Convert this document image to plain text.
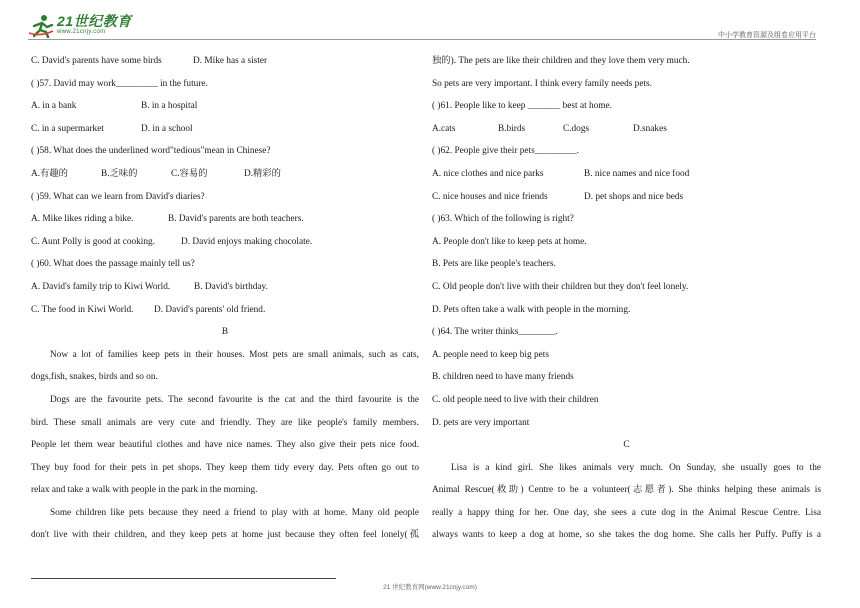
21世纪教育
www.21cnjy.com	中小学教育资源及组卷应用平台
C. David's parents have some birds	D. Mike has a sister
( )57. David may work_________ in the future.
A. in a bank	B. in a hospital
C. in a supermarket	D. in a school
( )58. What does the underlined word"tedious"mean in Chinese?
A.有趣的	B.乏味的	C.容易的	D.精彩的
( )59. What can we learn from David's diaries?
A. Mike likes riding a bike.	B. David's parents are both teachers.
C. Aunt Polly is good at cooking.	D. David enjoys making chocolate.
( )60. What does the passage mainly tell us?
A. David's family trip to Kiwi World.	B. David's birthday.
C. The food in Kiwi World. D. David's parents' old friend.
B
Now a lot of families keep pets in their houses. Most pets are small animals, such as cats,
dogs,fish, snakes, birds and so on.
Dogs are the favourite pets. The second favourite is the cat and the third favourite is the
bird. These small animals are very cute and friendly. They are like people's family members.
People let them wear beautiful clothes and have nice names. They also give their pets nice food.
They buy food for their pets in pet shops. They keep them tidy every day. Pets often go out to
relax and take a walk with people in the park in the morning.
Some children like pets because they need a friend to play with at home. Many old people
don't live with their children, and they keep pets at home just because they often feel lonely(孤
独的). The pets are like their children and they love them very much.
So pets are very important. I think every family needs pets.
( )61. People like to keep _______ best at home.
A.cats	B.birds	C.dogs	D.snakes
( )62. People give their pets_________.
A. nice clothes and nice parks	B. nice names and nice food
C. nice houses and nice friends	D. pet shops and nice beds
( )63. Which of the following is right?
A. People don't like to keep pets at home.
B. Pets are like people's teachers.
C. Old people don't live with their children but they don't feel lonely.
D. Pets often take a walk with people in the morning.
( )64. The writer thinks________.
A. people need to keep big pets
B. children need to have many friends
C. old people need to live with their children
D. pets are very important
C
Lisa is a kind girl. She likes animals very much. On Sunday, she usually goes to the
Animal Rescue(救助) Centre to be a volunteer(志愿者). She thinks helping these animals is
really a happy thing for her. One day, she sees a cute dog in the Animal Rescue Centre. Lisa
always wants to keep a dog at home, so she takes the dog home. She calls her Puffy. Puffy is a
21 世纪教育网(www.21cnjy.com)
